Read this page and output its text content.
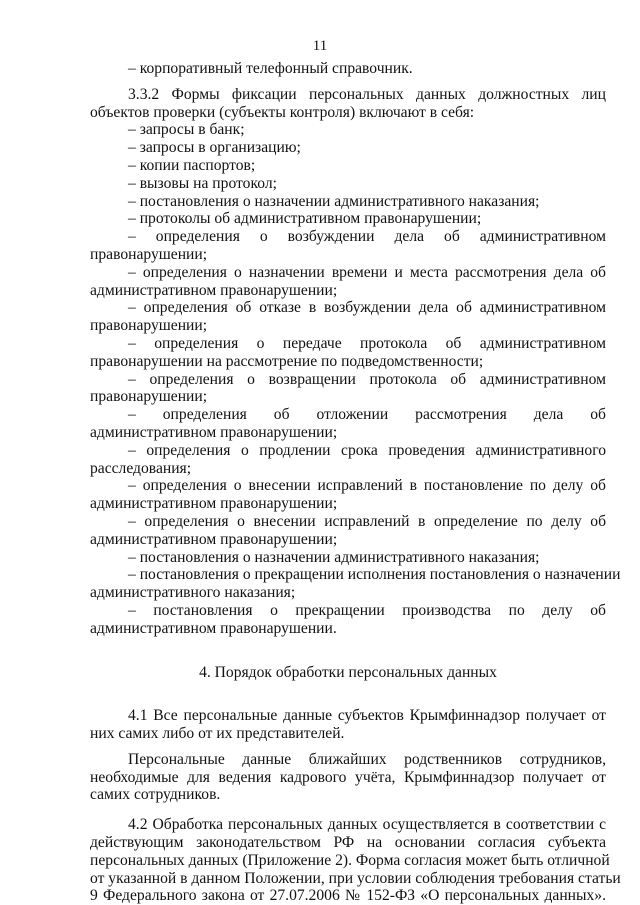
11
– корпоративный телефонный справочник.
3.3.2 Формы фиксации персональных данных должностных лиц
объектов проверки (субъекты контроля) включают в себя:
– запросы в банк;
– запросы в организацию;
– копии паспортов;
– вызовы на протокол;
– постановления о назначении административного наказания;
– протоколы об административном правонарушении;
– определения о возбуждении дела об административном
правонарушении;
– определения о назначении времени и места рассмотрения дела об
административном правонарушении;
– определения об отказе в возбуждении дела об административном
правонарушении;
– определения о передаче протокола об административном
правонарушении на рассмотрение по подведомственности;
– определения о возвращении протокола об административном
правонарушении;
– определения об отложении рассмотрения дела об
административном правонарушении;
– определения о продлении срока проведения административного
расследования;
– определения о внесении исправлений в постановление по делу об
административном правонарушении;
– определения о внесении исправлений в определение по делу об
административном правонарушении;
– постановления о назначении административного наказания;
– постановления о прекращении исполнения постановления о назначении
административного наказания;
– постановления о прекращении производства по делу об
административном правонарушении.
4. Порядок обработки персональных данных
4.1 Все персональные данные субъектов Крымфиннадзор получает от
них самих либо от их представителей.
Персональные данные ближайших родственников сотрудников,
необходимые для ведения кадрового учёта, Крымфиннадзор получает от самих сотрудников.
4.2 Обработка персональных данных осуществляется в соответствии с
действующим законодательством РФ на основании согласия субъекта
персональных данных (Приложение 2). Форма согласия может быть отличной
от указанной в данном Положении, при условии соблюдения требования статьи
9 Федерального закона от 27.07.2006 № 152-ФЗ «О персональных данных».
